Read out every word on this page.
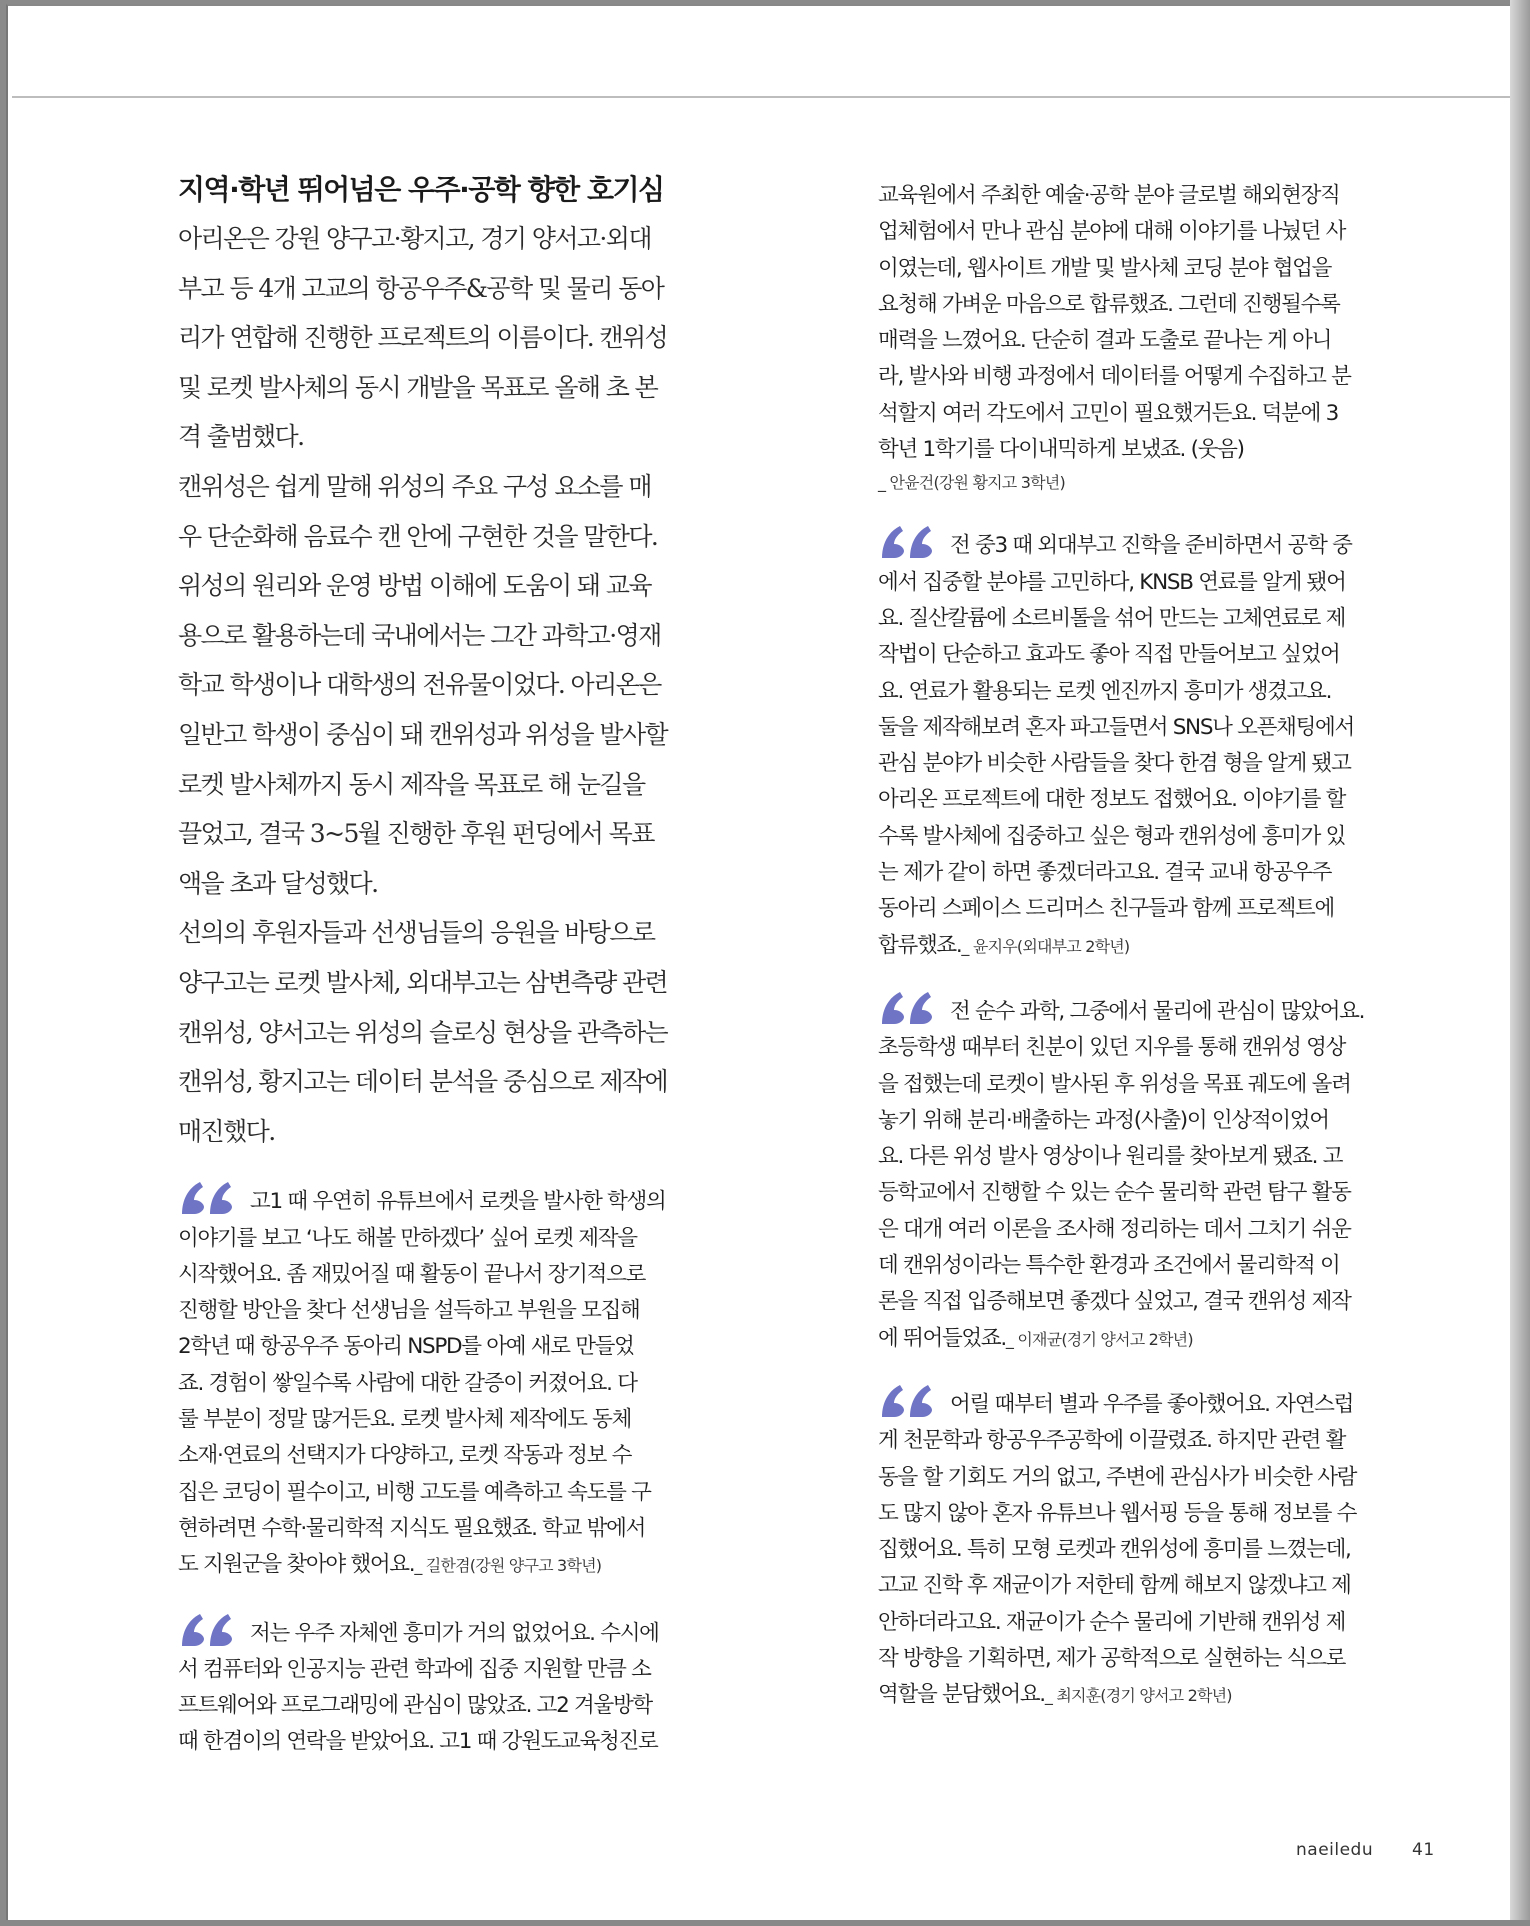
지역·학년 뛰어넘은 우주·공학 향한 호기심
아리온은 강원 양구고·황지고, 경기 양서고·외대
부고 등 4개 고교의 항공우주&공학 및 물리 동아
리가 연합해 진행한 프로젝트의 이름이다. 캔위성
및 로켓 발사체의 동시 개발을 목표로 올해 초 본
격 출범했다.
캔위성은 쉽게 말해 위성의 주요 구성 요소를 매
우 단순화해 음료수 캔 안에 구현한 것을 말한다.
위성의 원리와 운영 방법 이해에 도움이 돼 교육
용으로 활용하는데 국내에서는 그간 과학고·영재
학교 학생이나 대학생의 전유물이었다. 아리온은
일반고 학생이 중심이 돼 캔위성과 위성을 발사할
로켓 발사체까지 동시 제작을 목표로 해 눈길을
끌었고, 결국 3~5월 진행한 후원 펀딩에서 목표
액을 초과 달성했다.
선의의 후원자들과 선생님들의 응원을 바탕으로
양구고는 로켓 발사체, 외대부고는 삼변측량 관련
캔위성, 양서고는 위성의 슬로싱 현상을 관측하는
캔위성, 황지고는 데이터 분석을 중심으로 제작에
매진했다.
고1 때 우연히 유튜브에서 로켓을 발사한 학생의
이야기를 보고 ‘나도 해볼 만하겠다’ 싶어 로켓 제작을
시작했어요. 좀 재밌어질 때 활동이 끝나서 장기적으로
진행할 방안을 찾다 선생님을 설득하고 부원을 모집해
2학년 때 항공우주 동아리 NSPD를 아예 새로 만들었
죠. 경험이 쌓일수록 사람에 대한 갈증이 커졌어요. 다
룰 부분이 정말 많거든요. 로켓 발사체 제작에도 동체
소재·연료의 선택지가 다양하고, 로켓 작동과 정보 수
집은 코딩이 필수이고, 비행 고도를 예측하고 속도를 구
현하려면 수학·물리학적 지식도 필요했죠. 학교 밖에서
도 지원군을 찾아야 했어요._ 길한겸(강원 양구고 3학년)
저는 우주 자체엔 흥미가 거의 없었어요. 수시에
서 컴퓨터와 인공지능 관련 학과에 집중 지원할 만큼 소
프트웨어와 프로그래밍에 관심이 많았죠. 고2 겨울방학
때 한겸이의 연락을 받았어요. 고1 때 강원도교육청진로
교육원에서 주최한 예술·공학 분야 글로벌 해외현장직
업체험에서 만나 관심 분야에 대해 이야기를 나눴던 사
이였는데, 웹사이트 개발 및 발사체 코딩 분야 협업을
요청해 가벼운 마음으로 합류했죠. 그런데 진행될수록
매력을 느꼈어요. 단순히 결과 도출로 끝나는 게 아니
라, 발사와 비행 과정에서 데이터를 어떻게 수집하고 분
석할지 여러 각도에서 고민이 필요했거든요. 덕분에 3
학년 1학기를 다이내믹하게 보냈죠. (웃음)
_ 안윤건(강원 황지고 3학년)
전 중3 때 외대부고 진학을 준비하면서 공학 중
에서 집중할 분야를 고민하다, KNSB 연료를 알게 됐어
요. 질산칼륨에 소르비톨을 섞어 만드는 고체연료로 제
작법이 단순하고 효과도 좋아 직접 만들어보고 싶었어
요. 연료가 활용되는 로켓 엔진까지 흥미가 생겼고요.
둘을 제작해보려 혼자 파고들면서 SNS나 오픈채팅에서
관심 분야가 비슷한 사람들을 찾다 한겸 형을 알게 됐고
아리온 프로젝트에 대한 정보도 접했어요. 이야기를 할
수록 발사체에 집중하고 싶은 형과 캔위성에 흥미가 있
는 제가 같이 하면 좋겠더라고요. 결국 교내 항공우주
동아리 스페이스 드리머스 친구들과 함께 프로젝트에
합류했죠._ 윤지우(외대부고 2학년)
전 순수 과학, 그중에서 물리에 관심이 많았어요.
초등학생 때부터 친분이 있던 지우를 통해 캔위성 영상
을 접했는데 로켓이 발사된 후 위성을 목표 궤도에 올려
놓기 위해 분리·배출하는 과정(사출)이 인상적이었어
요. 다른 위성 발사 영상이나 원리를 찾아보게 됐죠. 고
등학교에서 진행할 수 있는 순수 물리학 관련 탐구 활동
은 대개 여러 이론을 조사해 정리하는 데서 그치기 쉬운
데 캔위성이라는 특수한 환경과 조건에서 물리학적 이
론을 직접 입증해보면 좋겠다 싶었고, 결국 캔위성 제작
에 뛰어들었죠._ 이재균(경기 양서고 2학년)
어릴 때부터 별과 우주를 좋아했어요. 자연스럽
게 천문학과 항공우주공학에 이끌렸죠. 하지만 관련 활
동을 할 기회도 거의 없고, 주변에 관심사가 비슷한 사람
도 많지 않아 혼자 유튜브나 웹서핑 등을 통해 정보를 수
집했어요. 특히 모형 로켓과 캔위성에 흥미를 느꼈는데,
고교 진학 후 재균이가 저한테 함께 해보지 않겠냐고 제
안하더라고요. 재균이가 순수 물리에 기반해 캔위성 제
작 방향을 기획하면, 제가 공학적으로 실현하는 식으로
역할을 분담했어요._ 최지훈(경기 양서고 2학년)
naeiledu 41
